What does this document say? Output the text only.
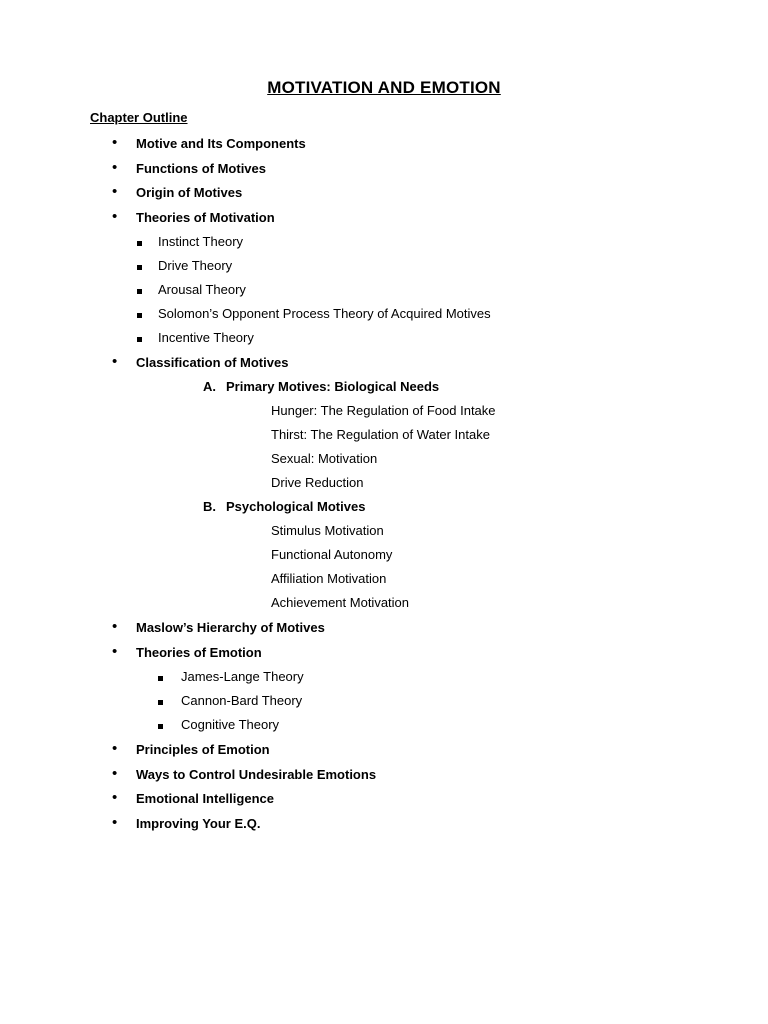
MOTIVATION AND EMOTION
Chapter Outline
•
Motive and Its Components
•
Functions of Motives
•
Origin of Motives
•
Theories of Motivation
Instinct Theory
Drive Theory
Arousal Theory
Solomon’s Opponent Process Theory of Acquired Motives
Incentive Theory
•
Classification of Motives
A. Primary Motives: Biological Needs
Hunger: The Regulation of Food Intake
Thirst: The Regulation of Water Intake
Sexual: Motivation
Drive Reduction
B. Psychological Motives
Stimulus Motivation
Functional Autonomy
Affiliation Motivation
Achievement Motivation
•
Maslow’s Hierarchy of Motives
•
Theories of Emotion
James-Lange Theory
Cannon-Bard Theory
Cognitive Theory
•
Principles of Emotion
•
Ways to Control Undesirable Emotions
•
Emotional Intelligence
•
Improving Your E.Q.
